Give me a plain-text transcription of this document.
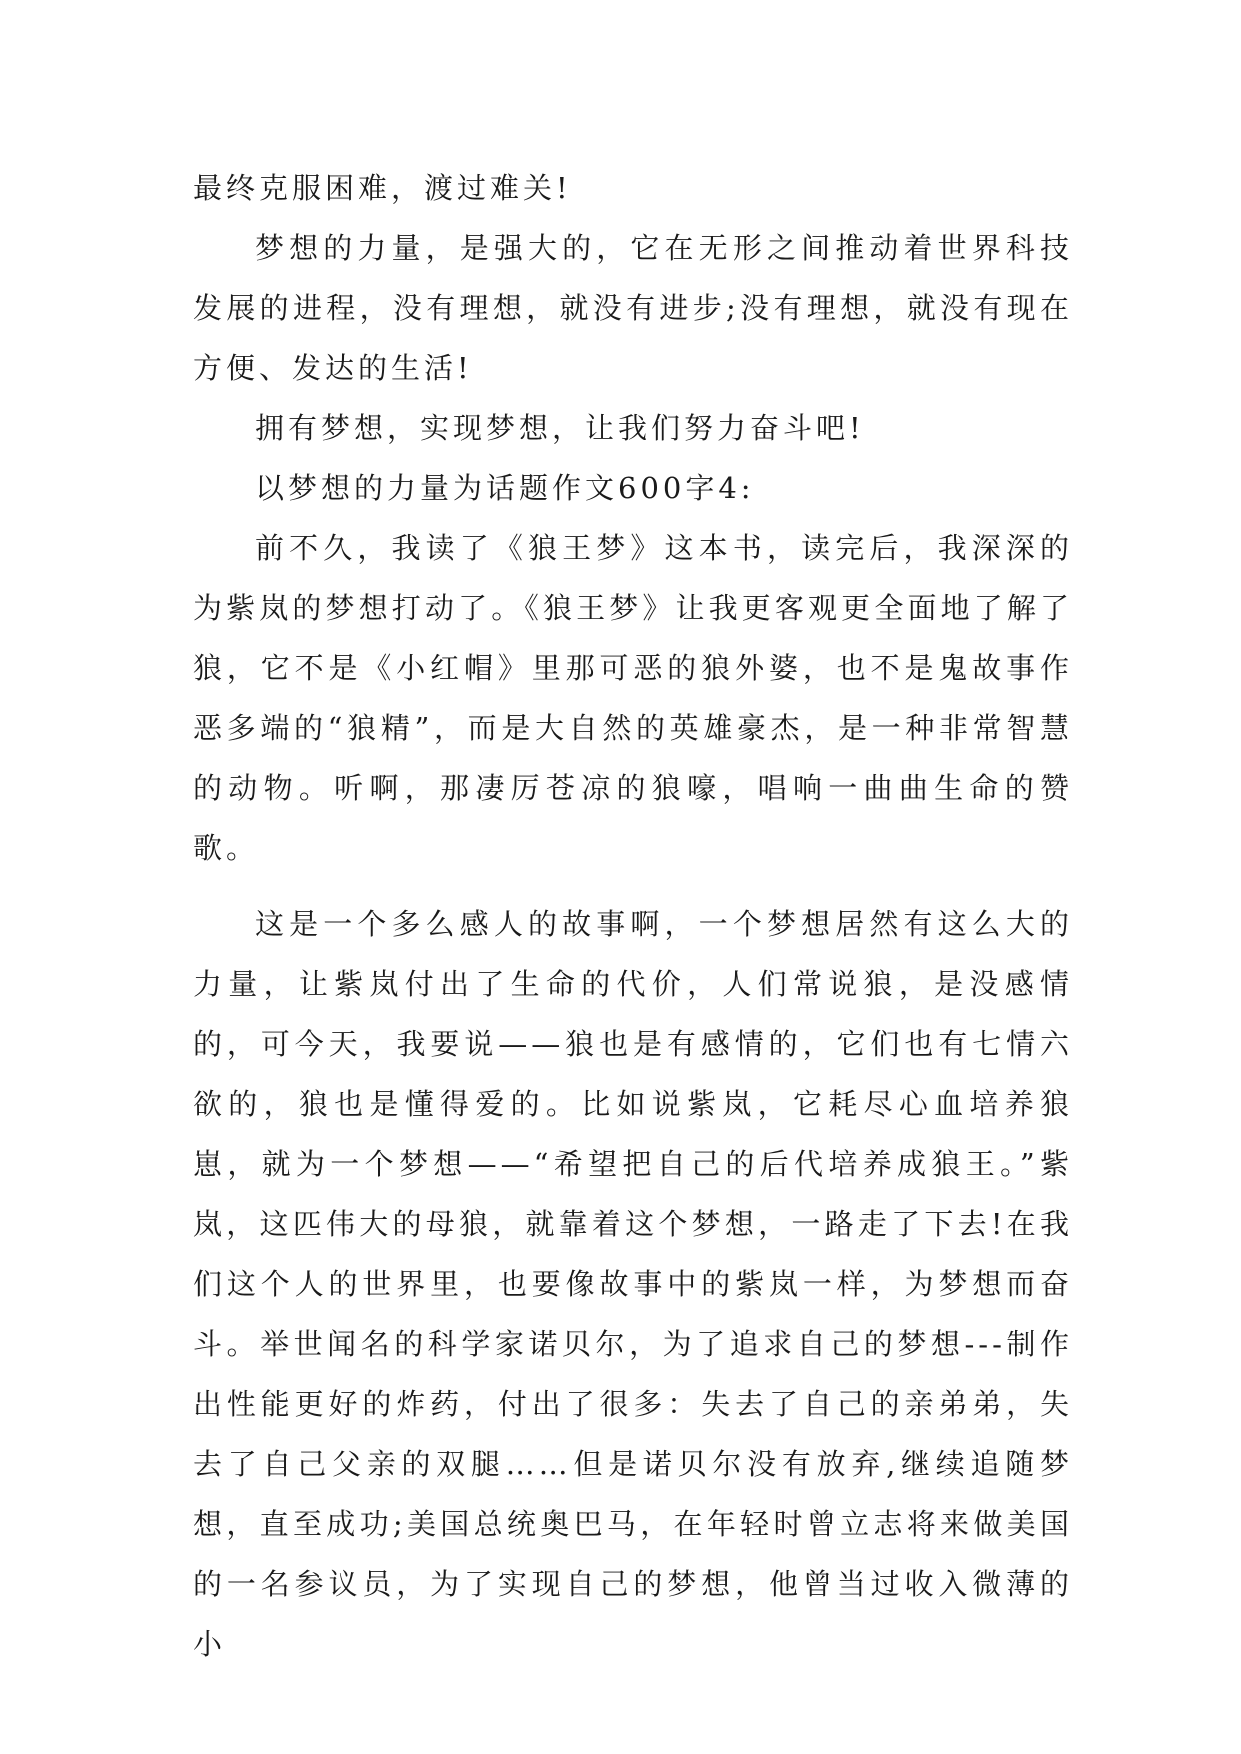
最终克服困难，渡过难关!

梦想的力量，是强大的，它在无形之间推动着世界科技发展的进程，没有理想，就没有进步;没有理想，就没有现在方便、发达的生活!

拥有梦想，实现梦想，让我们努力奋斗吧!

以梦想的力量为话题作文600字4:

前不久，我读了《狼王梦》这本书，读完后，我深深的为紫岚的梦想打动了。《狼王梦》让我更客观更全面地了解了狼，它不是《小红帽》里那可恶的狼外婆，也不是鬼故事作恶多端的“狼精”，而是大自然的英雄豪杰，是一种非常智慧的动物。听啊，那凄厉苍凉的狼嚎，唱响一曲曲生命的赞歌。

这是一个多么感人的故事啊，一个梦想居然有这么大的力量，让紫岚付出了生命的代价，人们常说狼，是没感情的，可今天，我要说——狼也是有感情的，它们也有七情六欲的，狼也是懂得爱的。比如说紫岚，它耗尽心血培养狼崽，就为一个梦想——“希望把自己的后代培养成狼王。”紫岚，这匹伟大的母狼，就靠着这个梦想，一路走了下去!在我们这个人的世界里，也要像故事中的紫岚一样，为梦想而奋斗。举世闻名的科学家诺贝尔，为了追求自己的梦想---制作出性能更好的炸药，付出了很多：失去了自己的亲弟弟，失去了自己父亲的双腿……但是诺贝尔没有放弃,继续追随梦想，直至成功;美国总统奥巴马，在年轻时曾立志将来做美国的一名参议员，为了实现自己的梦想，他曾当过收入微薄的小
